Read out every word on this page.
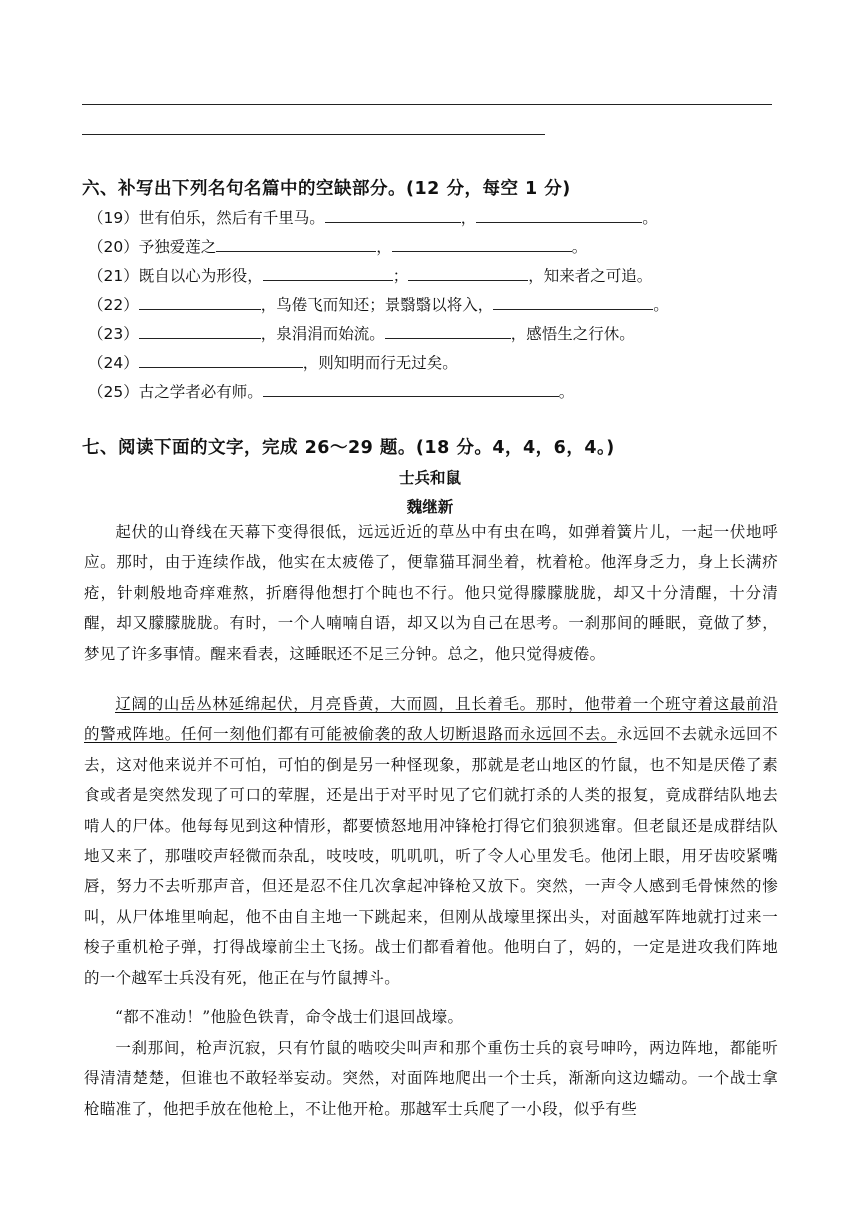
六、补写出下列名句名篇中的空缺部分。(12 分，每空 1 分)
（19）世有伯乐，然后有千里马。	，	。
（20）予独爱莲之	，	。
（21）既自以心为形役，	；	，知来者之可追。
（22）	，鸟倦飞而知还；景翳翳以将入，	。
（23）	，泉涓涓而始流。	，感悟生之行休。
（24）	，则知明而行无过矣。
（25）古之学者必有师。	。
七、阅读下面的文字，完成 26～29 题。(18 分。4，4，6，4。)
士兵和鼠
魏继新
起伏的山脊线在天幕下变得很低，远远近近的草丛中有虫在鸣，如弹着簧片儿，一起一伏地呼应。那时，由于连续作战，他实在太疲倦了，便靠猫耳洞坐着，枕着枪。他浑身乏力，身上长满疥疮，针刺般地奇痒难熬，折磨得他想打个盹也不行。他只觉得朦朦胧胧，却又十分清醒，十分清醒，却又朦朦胧胧。有时，一个人喃喃自语，却又以为自己在思考。一刹那间的睡眠，竟做了梦，梦见了许多事情。醒来看表，这睡眠还不足三分钟。总之，他只觉得疲倦。
辽阔的山岳丛林延绵起伏，月亮昏黄，大而圆，且长着毛。那时，他带着一个班守着这最前沿的警戒阵地。任何一刻他们都有可能被偷袭的敌人切断退路而永远回不去。永远回不去就永远回不去，这对他来说并不可怕，可怕的倒是另一种怪现象，那就是老山地区的竹鼠，也不知是厌倦了素食或者是突然发现了可口的荤腥，还是出于对平时见了它们就打杀的人类的报复，竟成群结队地去啃人的尸体。他每每见到这种情形，都要愤怒地用冲锋枪打得它们狼狈逃窜。但老鼠还是成群结队地又来了，那嗤咬声轻微而杂乱，吱吱吱，叽叽叽，听了令人心里发毛。他闭上眼，用牙齿咬紧嘴唇，努力不去听那声音，但还是忍不住几次拿起冲锋枪又放下。突然，一声令人感到毛骨悚然的惨叫，从尸体堆里响起，他不由自主地一下跳起来，但刚从战壕里探出头，对面越军阵地就打过来一梭子重机枪子弹，打得战壕前尘土飞扬。战士们都看着他。他明白了，妈的，一定是进攻我们阵地的一个越军士兵没有死，他正在与竹鼠搏斗。
“都不准动！”他脸色铁青，命令战士们退回战壕。
一刹那间，枪声沉寂，只有竹鼠的啮咬尖叫声和那个重伤士兵的哀号呻吟，两边阵地，都能听得清清楚楚，但谁也不敢轻举妄动。突然，对面阵地爬出一个士兵，渐渐向这边蠕动。一个战士拿枪瞄准了，他把手放在他枪上，不让他开枪。那越军士兵爬了一小段，似乎有些
